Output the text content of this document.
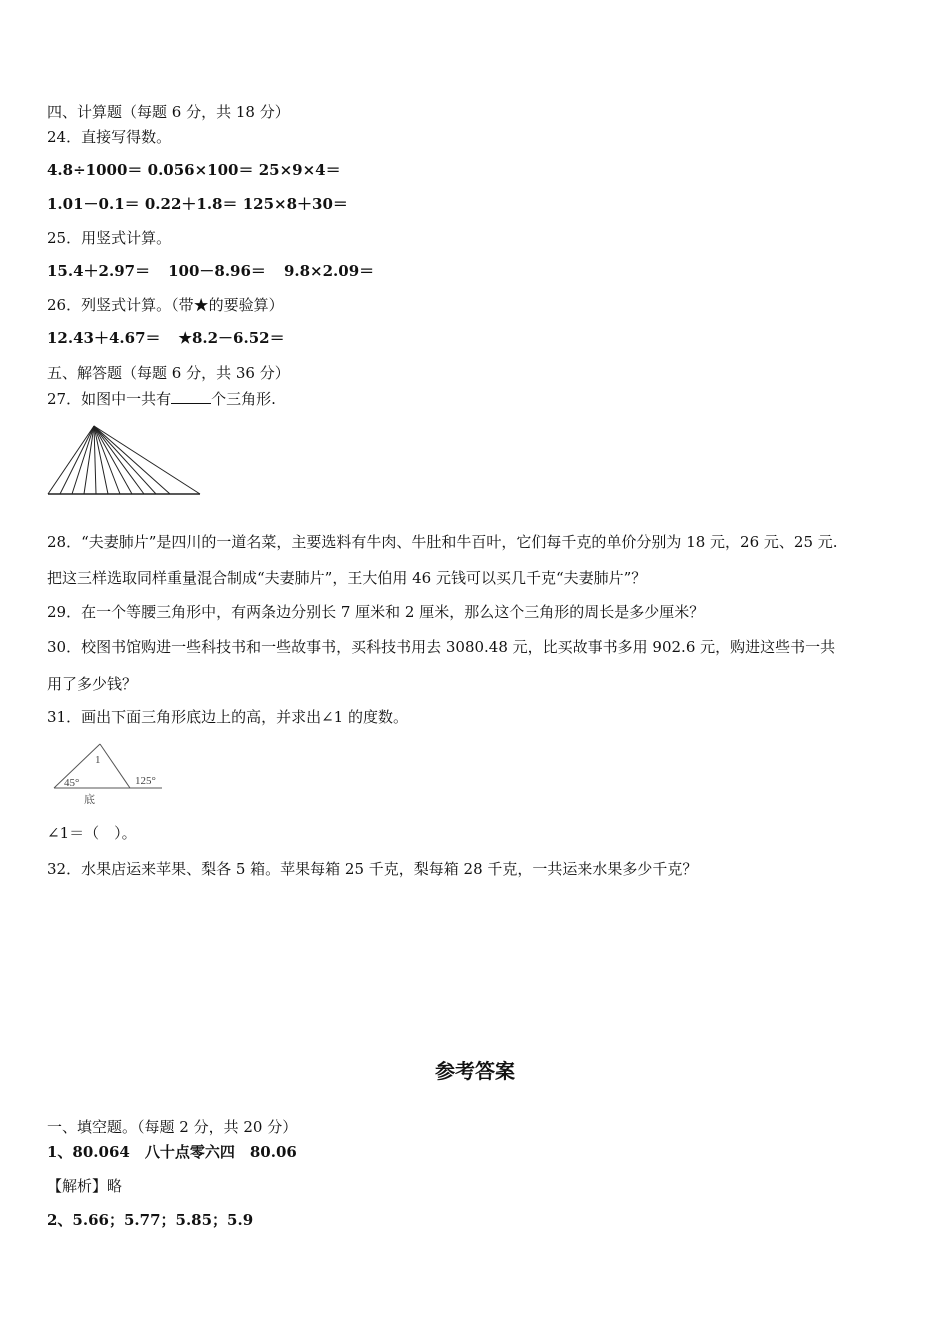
四、计算题（每题 6 分，共 18 分）
24．直接写得数。
4.8÷1000＝ 0.056×100＝ 25×9×4＝
1.01－0.1＝ 0.22＋1.8＝ 125×8＋30＝
25．用竖式计算。
15.4＋2.97＝ 100－8.96＝ 9.8×2.09＝
26．列竖式计算。（带★的要验算）
12.43＋4.67＝ ★8.2－6.52＝
五、解答题（每题 6 分，共 36 分）
27．如图中一共有	个三角形.
28．“夫妻肺片”是四川的一道名菜，主要选料有牛肉、牛肚和牛百叶，它们每千克的单价分别为 18 元，26 元、25 元.
把这三样选取同样重量混合制成“夫妻肺片”，王大伯用 46 元钱可以买几千克“夫妻肺片”？
29．在一个等腰三角形中，有两条边分别长 7 厘米和 2 厘米，那么这个三角形的周长是多少厘米？
30．校图书馆购进一些科技书和一些故事书，买科技书用去 3080.48 元，比买故事书多用 902.6 元，购进这些书一共
用了多少钱？
31．画出下面三角形底边上的高，并求出∠1 的度数。
1
45°	125°
底
∠1＝（　）。
32．水果店运来苹果、梨各 5 箱。苹果每箱 25 千克，梨每箱 28 千克，一共运来水果多少千克？
参考答案
一、填空题。（每题 2 分，共 20 分）
1、80.064　八十点零六四　80.06
【解析】略
2、5.66；5.77；5.85；5.9
